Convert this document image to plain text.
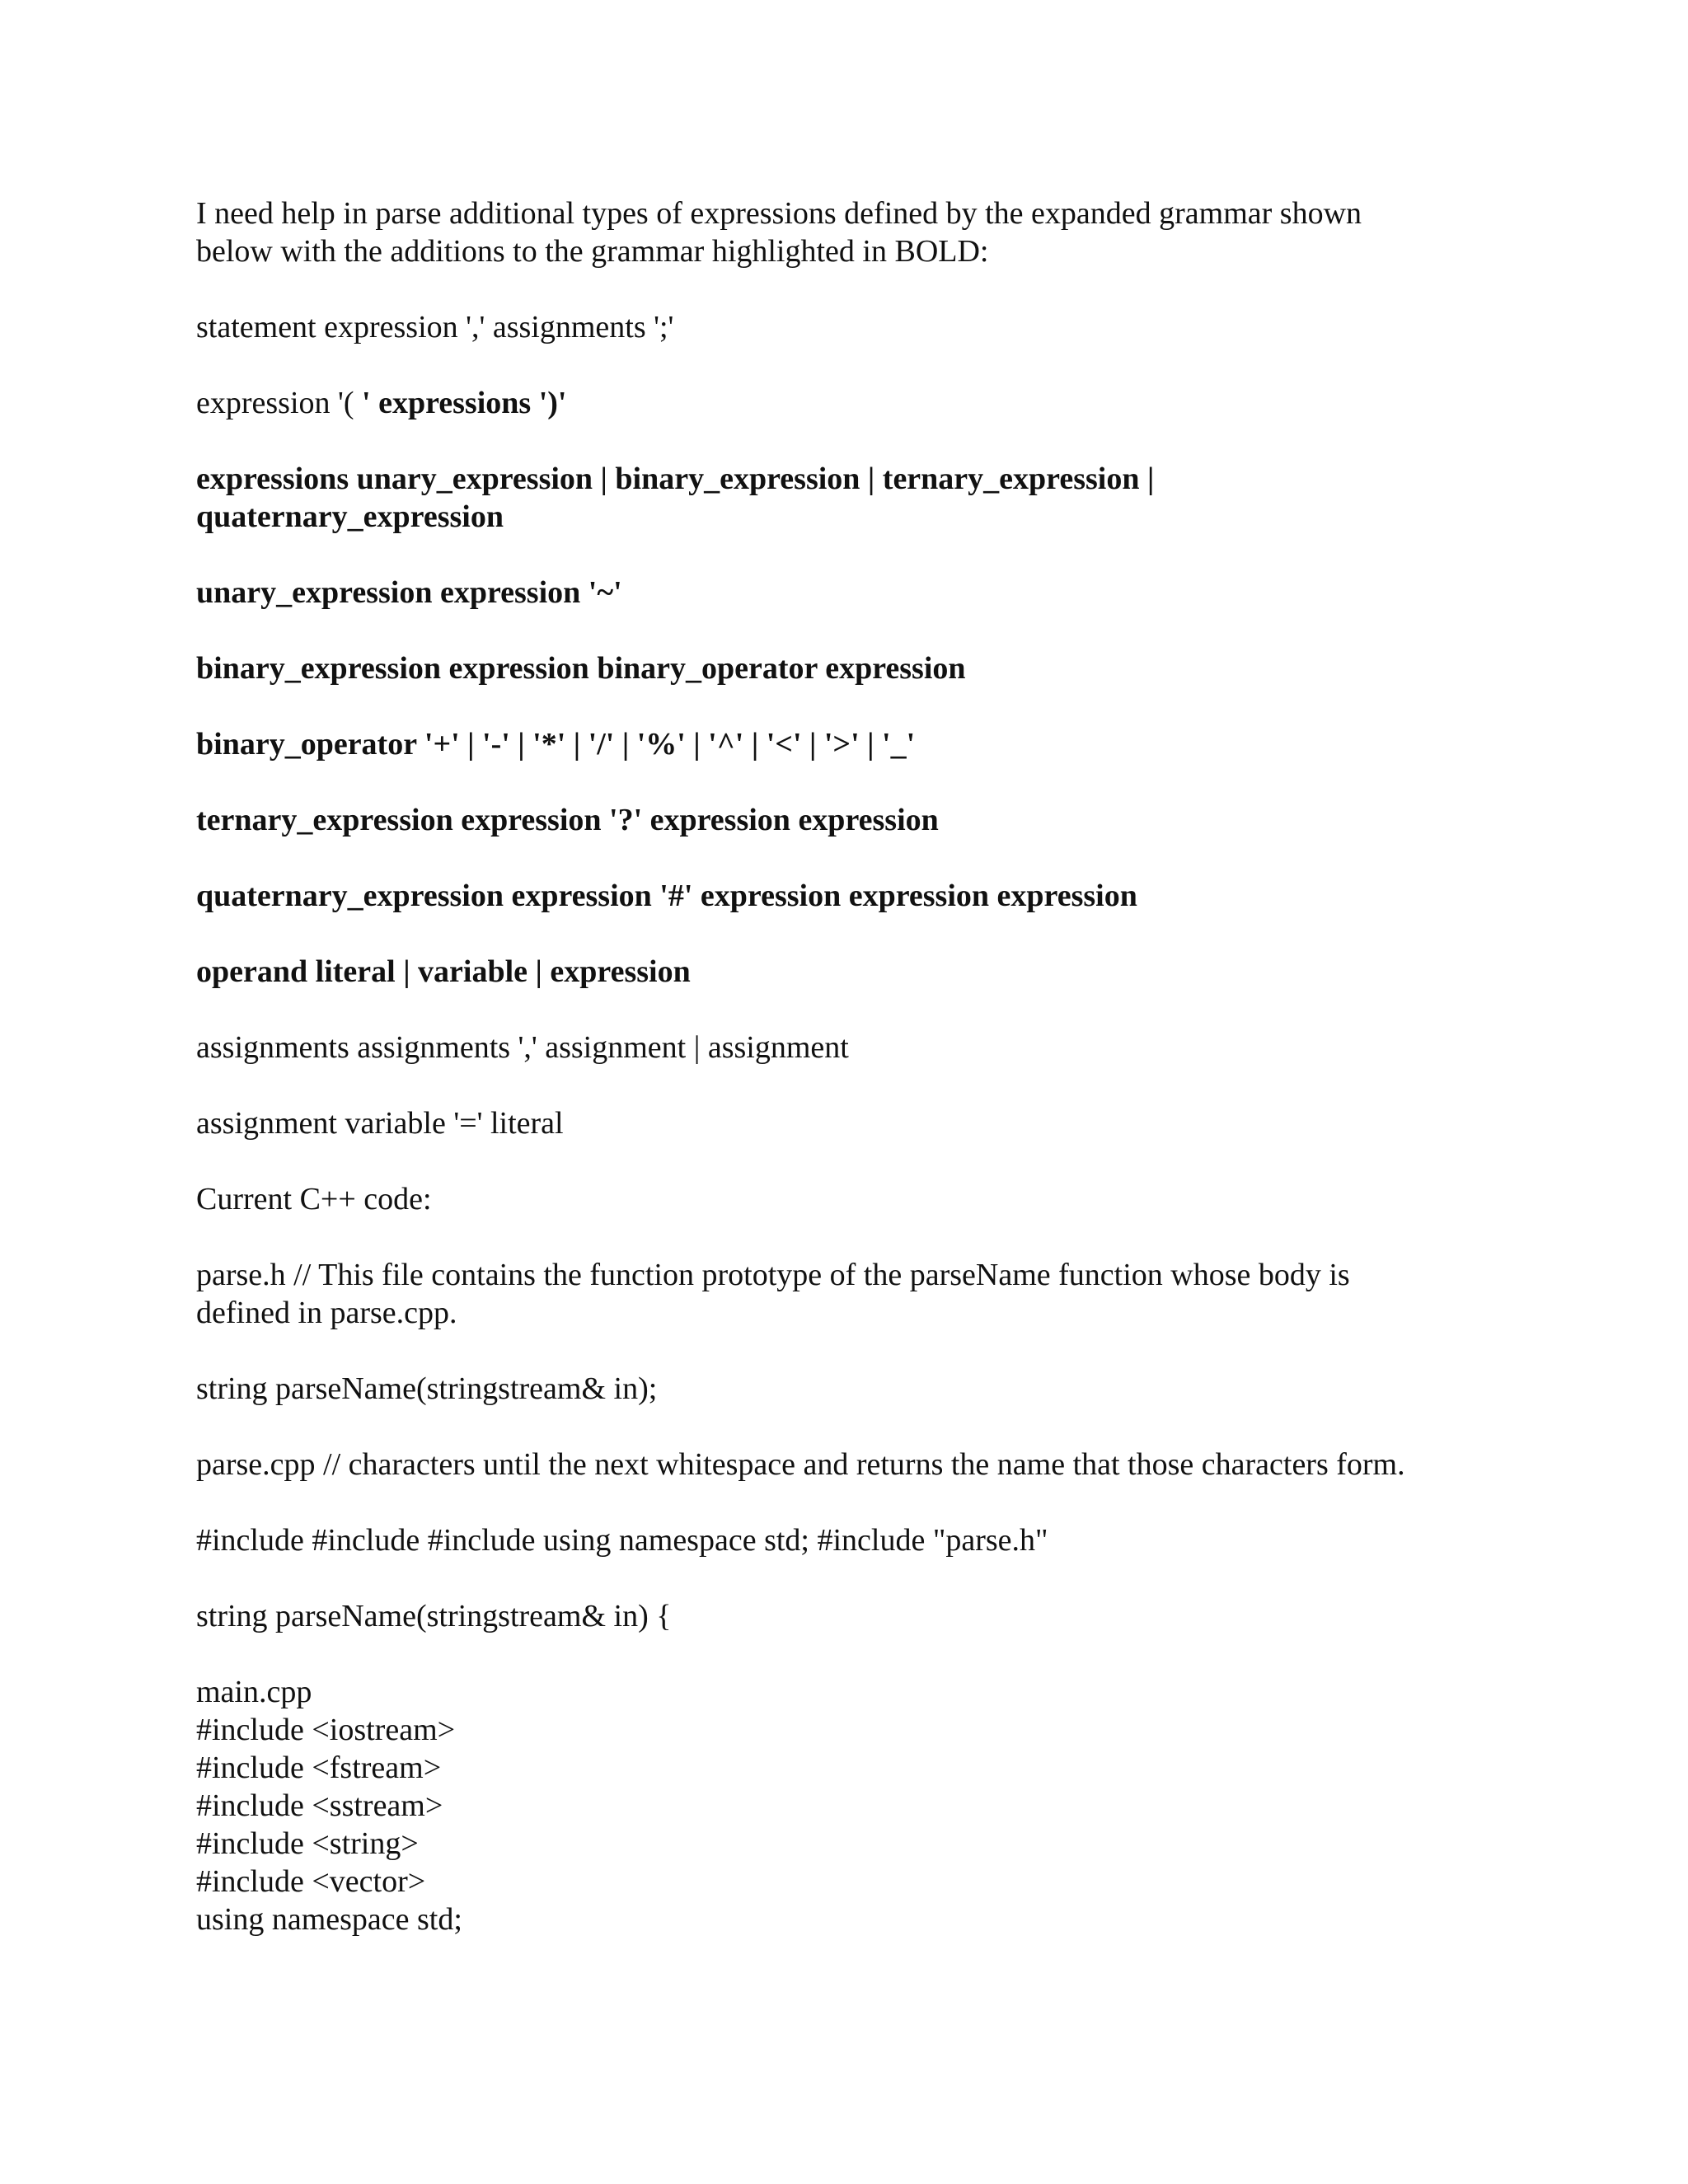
I need help in parse additional types of expressions defined by the expanded grammar shown
below with the additions to the grammar highlighted in BOLD:

statement expression ',' assignments ';'

expression '( ' expressions ')'

expressions unary_expression | binary_expression | ternary_expression |
quaternary_expression

unary_expression expression '~'

binary_expression expression binary_operator expression

binary_operator '+' | '-' | '*' | '/' | '%' | '^' | '<' | '>' | '_'

ternary_expression expression '?' expression expression

quaternary_expression expression '#' expression expression expression

operand literal | variable | expression

assignments assignments ',' assignment | assignment

assignment variable '=' literal

Current C++ code:

parse.h // This file contains the function prototype of the parseName function whose body is
defined in parse.cpp.

string parseName(stringstream& in);

parse.cpp // characters until the next whitespace and returns the name that those characters form.

#include #include #include using namespace std; #include "parse.h"

string parseName(stringstream& in) {

main.cpp
#include <iostream>
#include <fstream>
#include <sstream>
#include <string>
#include <vector>
using namespace std;
